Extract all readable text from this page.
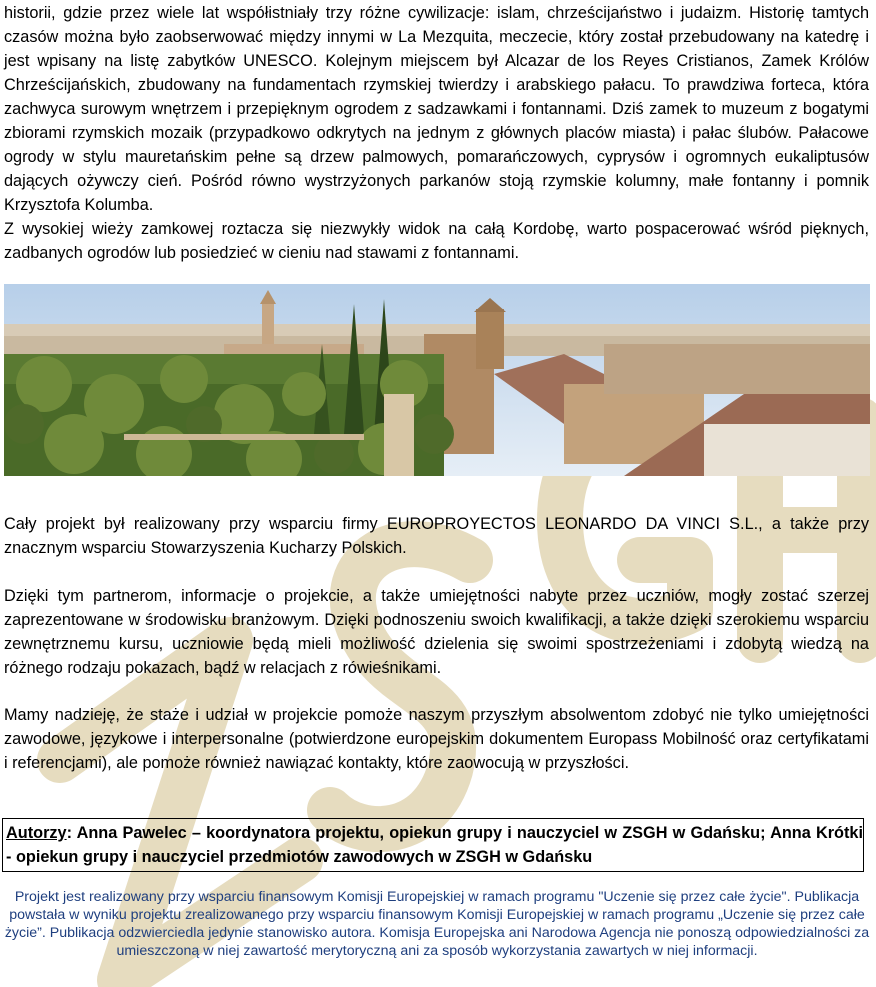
historii, gdzie przez wiele lat współistniały trzy różne cywilizacje: islam, chrześcijaństwo i judaizm. Historię tamtych czasów można było zaobserwować między innymi w La Mezquita, meczecie, który został przebudowany na katedrę i jest wpisany na listę zabytków UNESCO. Kolejnym miejscem był Alcazar de los Reyes Cristianos, Zamek Królów Chrześcijańskich, zbudowany na fundamentach rzymskiej twierdzy i arabskiego pałacu. To prawdziwa forteca, która zachwyca surowym wnętrzem i przepięknym ogrodem z sadzawkami i fontannami. Dziś zamek to muzeum z bogatymi zbiorami rzymskich mozaik (przypadkowo odkrytych na jednym z głównych placów miasta) i pałac ślubów. Pałacowe ogrody w stylu mauretańskim pełne są drzew palmowych, pomarańczowych, cyprysów i ogromnych eukaliptusów dających ożywczy cień. Pośród równo wystrzyżonych parkanów stoją rzymskie kolumny, małe fontanny i pomnik Krzysztofa Kolumba.
Z wysokiej wieży zamkowej roztacza się niezwykły widok na całą Kordobę, warto pospacerować wśród pięknych, zadbanych ogrodów lub posiedzieć w cieniu nad stawami z fontannami.

Cały projekt był realizowany przy wsparciu firmy EUROPROYECTOS LEONARDO DA VINCI S.L., a także przy znacznym wsparciu Stowarzyszenia Kucharzy Polskich.

Dzięki tym partnerom, informacje o projekcie, a także umiejętności nabyte przez uczniów, mogły zostać szerzej zaprezentowane w środowisku branżowym. Dzięki podnoszeniu swoich kwalifikacji, a także dzięki szerokiemu wsparciu zewnętrznemu kursu, uczniowie będą mieli możliwość dzielenia się swoimi spostrzeżeniami i zdobytą wiedzą na różnego rodzaju pokazach, bądź w relacjach z rówieśnikami.

Mamy nadzieję, że staże i udział w projekcie pomoże naszym przyszłym absolwentom zdobyć nie tylko umiejętności zawodowe, językowe i interpersonalne (potwierdzone europejskim dokumentem Europass Mobilność oraz certyfikatami i referencjami), ale pomoże również nawiązać kontakty, które zaowocują w przyszłości.

Autorzy: Anna Pawelec – koordynatora projektu, opiekun grupy i nauczyciel w ZSGH w Gdańsku; Anna Krótki - opiekun grupy i nauczyciel przedmiotów zawodowych w ZSGH w Gdańsku
Projekt jest realizowany przy wsparciu finansowym Komisji Europejskiej w ramach programu "Uczenie się przez całe życie". Publikacja powstała w wyniku projektu zrealizowanego przy wsparciu finansowym Komisji Europejskiej w ramach programu „Uczenie się przez całe życie”. Publikacja odzwierciedla jedynie stanowisko autora. Komisja Europejska ani Narodowa Agencja nie ponoszą odpowiedzialności za umieszczoną w niej zawartość merytoryczną ani za sposób wykorzystania zawartych w niej informacji.
